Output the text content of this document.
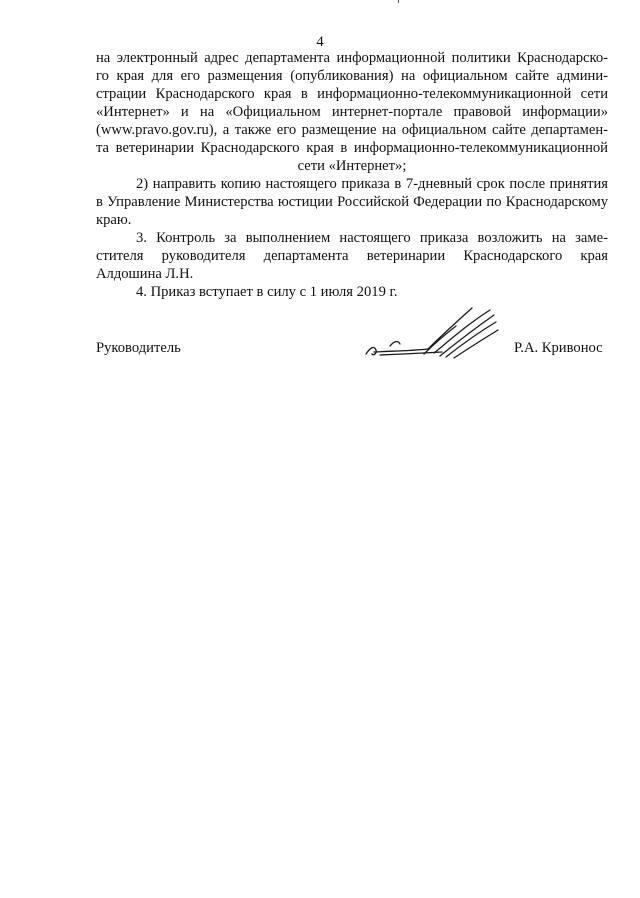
4
на электронный адрес департамента информационной политики Краснодарско-
го края для его размещения (опубликования) на официальном сайте админи-
страции Краснодарского края в информационно-телекоммуникационной сети
«Интернет» и на «Официальном интернет-портале правовой информации»
(www.pravo.gov.ru), а также его размещение на официальном сайте департамен-
та ветеринарии Краснодарского края в информационно-телекоммуникационной
сети «Интернет»;
2) направить копию настоящего приказа в 7-дневный срок после принятия
в Управление Министерства юстиции Российской Федерации по Краснодарскому
краю.
3. Контроль за выполнением настоящего приказа возложить на заме-
стителя руководителя департамента ветеринарии Краснодарского края
Алдошина Л.Н.
4. Приказ вступает в силу с 1 июля 2019 г.
Руководитель	Р.А. Кривонос
